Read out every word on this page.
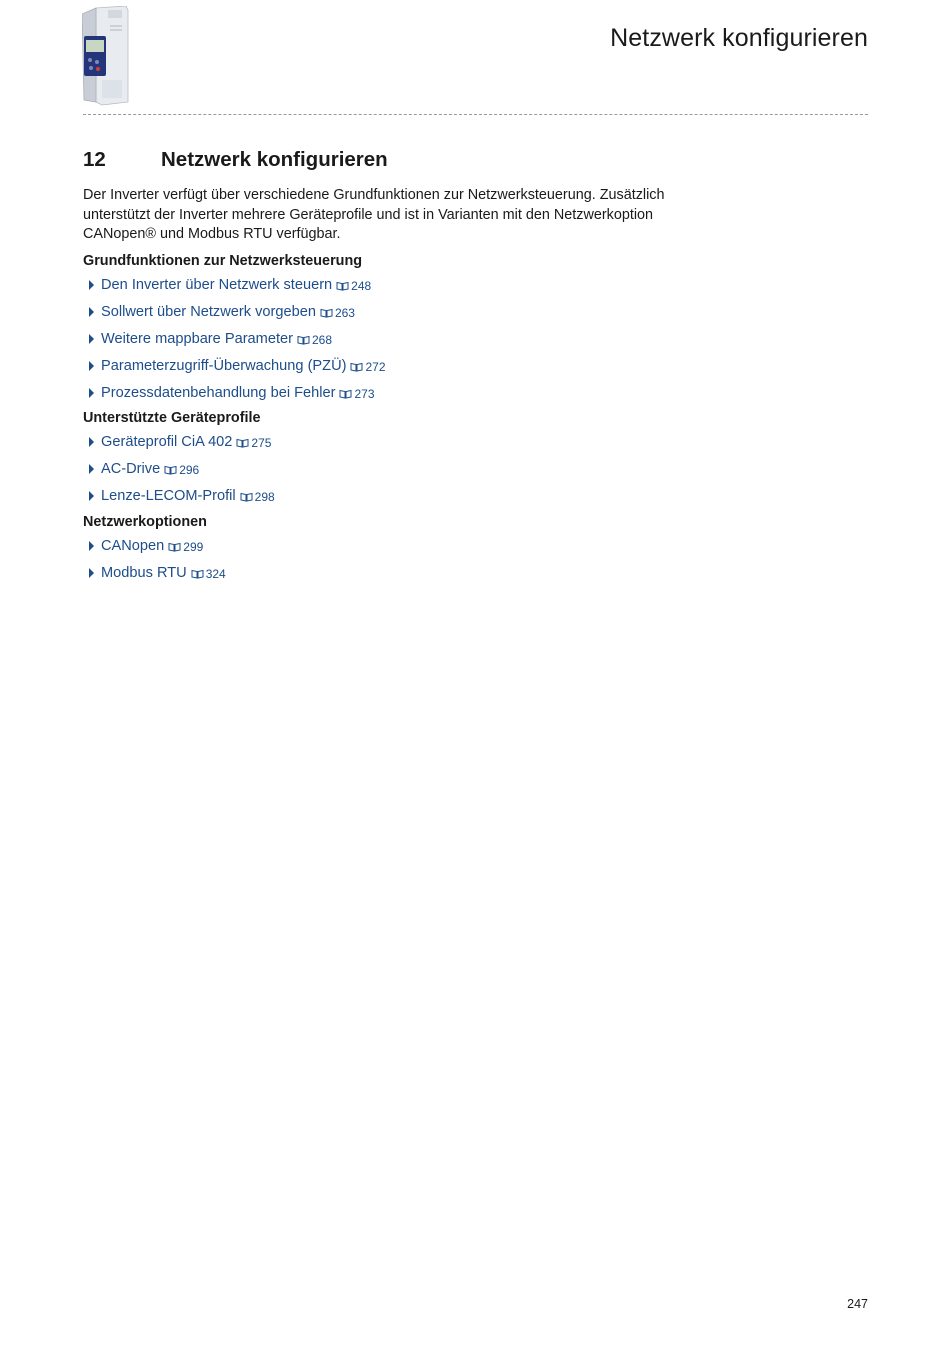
Netzwerk konfigurieren
12	Netzwerk konfigurieren

Der Inverter verfügt über verschiedene Grundfunktionen zur Netzwerksteuerung. Zusätzlich unterstützt der Inverter mehrere Geräteprofile und ist in Varianten mit den Netzwerkoption CANopen® und Modbus RTU verfügbar.

Grundfunktionen zur Netzwerksteuerung
Den Inverter über Netzwerk steuern 248
Sollwert über Netzwerk vorgeben 263
Weitere mappbare Parameter 268
Parameterzugriff-Überwachung (PZÜ) 272
Prozessdatenbehandlung bei Fehler 273
Unterstützte Geräteprofile
Geräteprofil CiA 402 275
AC-Drive 296
Lenze-LECOM-Profil 298
Netzwerkoptionen
CANopen 299
Modbus RTU 324
247
